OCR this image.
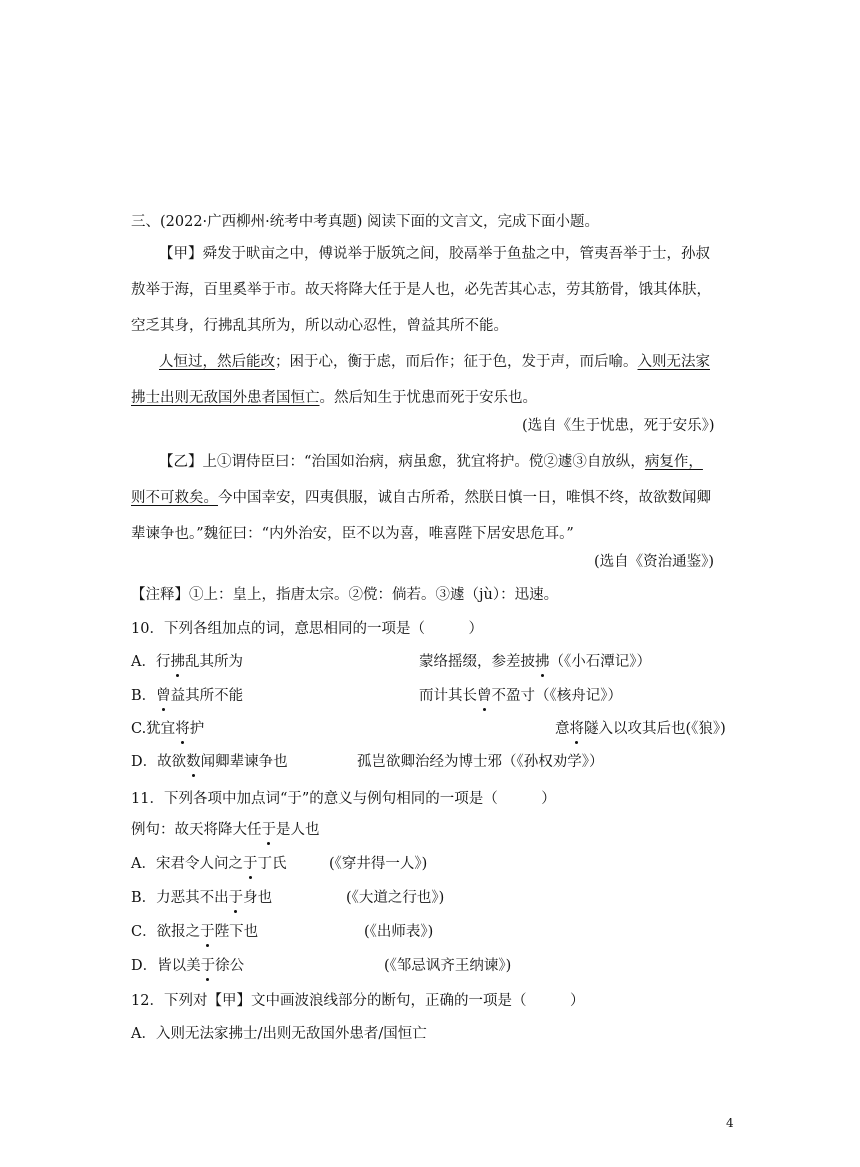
三、(2022·广西柳州·统考中考真题) 阅读下面的文言文，完成下面小题。
【甲】舜发于畎亩之中，傅说举于版筑之间，胶鬲举于鱼盐之中，管夷吾举于士，孙叔
敖举于海，百里奚举于市。故天将降大任于是人也，必先苦其心志，劳其筋骨，饿其体肤，
空乏其身，行拂乱其所为，所以动心忍性，曾益其所不能。
人恒过，然后能改；困于心，衡于虑，而后作；征于色，发于声，而后喻。入则无法家
拂士出则无敌国外患者国恒亡。然后知生于忧患而死于安乐也。
(选自《生于忧患，死于安乐》)
【乙】上①谓侍臣曰：“治国如治病，病虽愈，犹宜将护。傥②遽③自放纵，病复作，
则不可救矣。今中国幸安，四夷俱服，诚自古所希，然朕日慎一日，唯惧不终，故欲数闻卿
辈谏争也。”魏征曰：“内外治安，臣不以为喜，唯喜陛下居安思危耳。”
(选自《资治通鉴》)
【注释】①上：皇上，指唐太宗。②傥：倘若。③遽（jù）：迅速。
10．下列各组加点的词，意思相同的一项是（　　　）
A．行拂乱其所为	蒙络摇缀，参差披拂（《小石潭记》）
B．曾益其所不能	而计其长曾不盈寸（《核舟记》）
C.犹宜将护	意将隧入以攻其后也(《狼》)
D．故欲数闻卿辈谏争也	孤岂欲卿治经为博士邪（《孙权劝学》）
11．下列各项中加点词“于”的意义与例句相同的一项是（　　　）
例句：故天将降大任于是人也
A．宋君令人问之于丁氏	(《穿井得一人》)
B．力恶其不出于身也	(《大道之行也》)
C．欲报之于陛下也	(《出师表》)
D．皆以美于徐公	(《邹忌讽齐王纳谏》)
12．下列对【甲】文中画波浪线部分的断句，正确的一项是（　　　）
A．入则无法家拂士/出则无敌国外患者/国恒亡
4
